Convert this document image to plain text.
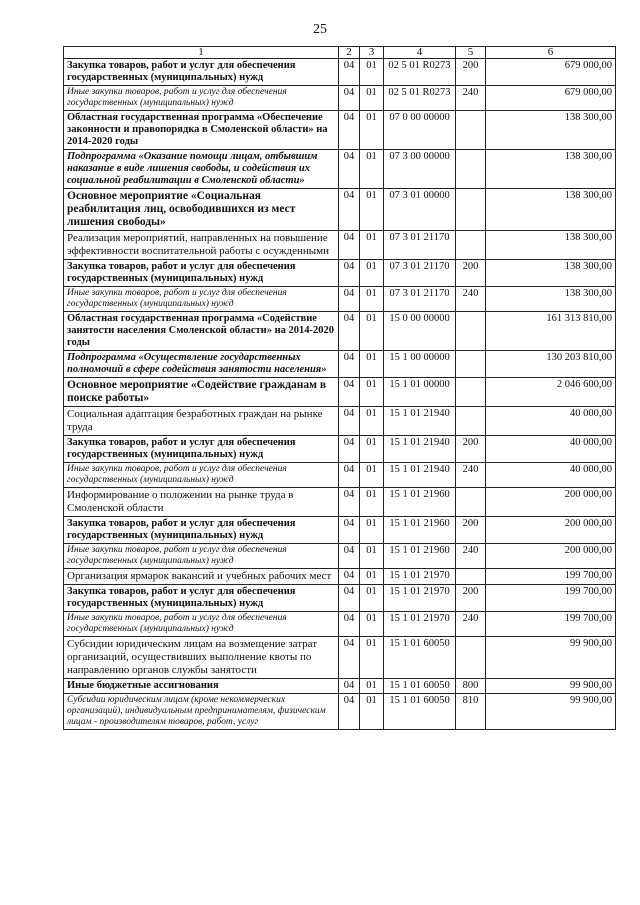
25
1	2	3	4	5	6
Закупка товаров, работ и услуг для обеспечения государственных (муниципальных) нужд	04	01	02 5 01 R0273	200	679 000,00
Иные закупки товаров, работ и услуг для обеспечения государственных (муниципальных) нужд	04	01	02 5 01 R0273	240	679 000,00
Областная государственная программа «Обеспечение законности и правопорядка в Смоленской области» на 2014-2020 годы	04	01	07 0 00 00000		138 300,00
Подпрограмма «Оказание помощи лицам, отбывшим наказание в виде лишения свободы, и содействия их социальной реабилитации в Смоленской области»	04	01	07 3 00 00000		138 300,00
Основное мероприятие «Социальная реабилитация лиц, освободившихся из мест лишения свободы»	04	01	07 3 01 00000		138 300,00
Реализация мероприятий, направленных на повышение эффективности воспитательной работы с осужденными	04	01	07 3 01 21170		138 300,00
Закупка товаров, работ и услуг для обеспечения государственных (муниципальных) нужд	04	01	07 3 01 21170	200	138 300,00
Иные закупки товаров, работ и услуг для обеспечения государственных (муниципальных) нужд	04	01	07 3 01 21170	240	138 300,00
Областная государственная программа «Содействие занятости населения Смоленской области» на 2014-2020 годы	04	01	15 0 00 00000		161 313 810,00
Подпрограмма «Осуществление государственных полномочий в сфере содействия занятости населения»	04	01	15 1 00 00000		130 203 810,00
Основное мероприятие «Содействие гражданам в поиске работы»	04	01	15 1 01 00000		2 046 600,00
Социальная адаптация безработных граждан на рынке труда	04	01	15 1 01 21940		40 000,00
Закупка товаров, работ и услуг для обеспечения государственных (муниципальных) нужд	04	01	15 1 01 21940	200	40 000,00
Иные закупки товаров, работ и услуг для обеспечения государственных (муниципальных) нужд	04	01	15 1 01 21940	240	40 000,00
Информирование о положении на рынке труда в Смоленской области	04	01	15 1 01 21960		200 000,00
Закупка товаров, работ и услуг для обеспечения государственных (муниципальных) нужд	04	01	15 1 01 21960	200	200 000,00
Иные закупки товаров, работ и услуг для обеспечения государственных (муниципальных) нужд	04	01	15 1 01 21960	240	200 000,00
Организация ярмарок вакансий и учебных рабочих мест	04	01	15 1 01 21970		199 700,00
Закупка товаров, работ и услуг для обеспечения государственных (муниципальных) нужд	04	01	15 1 01 21970	200	199 700,00
Иные закупки товаров, работ и услуг для обеспечения государственных (муниципальных) нужд	04	01	15 1 01 21970	240	199 700,00
Субсидии юридическим лицам на возмещение затрат организаций, осуществивших выполнение квоты по направлению органов службы занятости	04	01	15 1 01 60050		99 900,00
Иные бюджетные ассигнования	04	01	15 1 01 60050	800	99 900,00
Субсидии юридическим лицам (кроме некоммерческих организаций), индивидуальным предпринимателям, физическим лицам - производителям товаров, работ, услуг	04	01	15 1 01 60050	810	99 900,00
